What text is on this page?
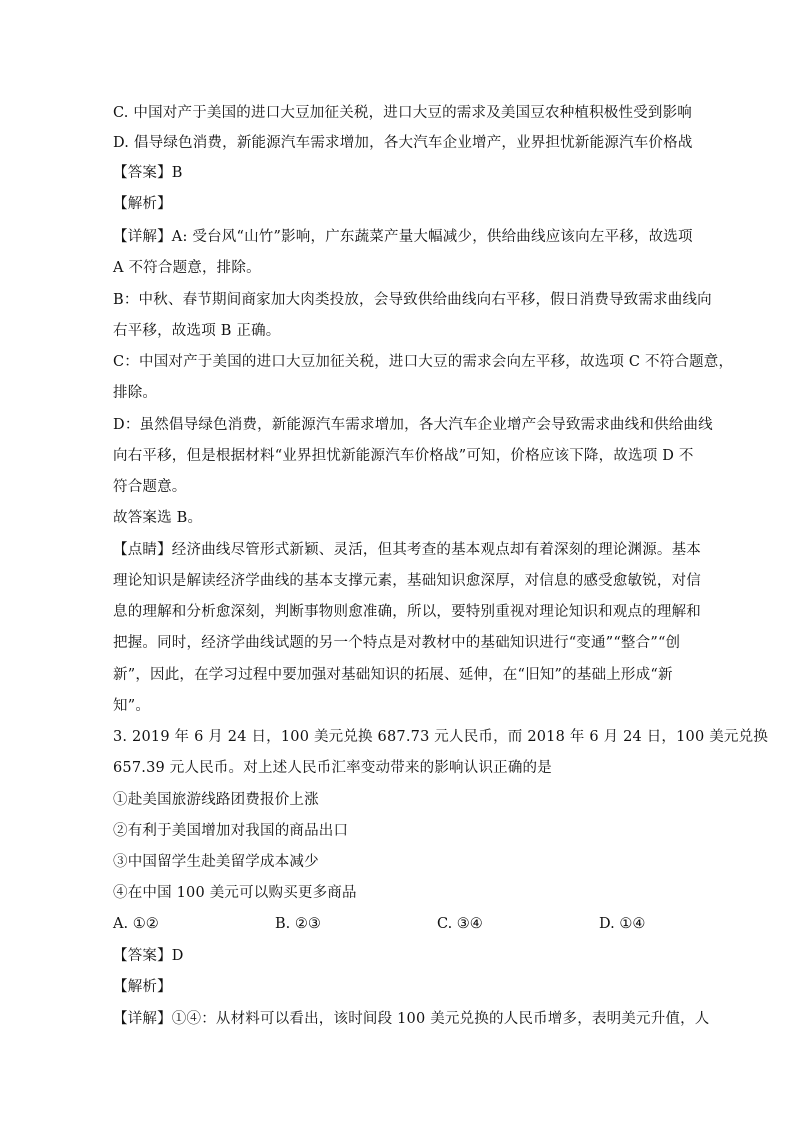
C. 中国对产于美国的进口大豆加征关税，进口大豆的需求及美国豆农种植积极性受到影响
D. 倡导绿色消费，新能源汽车需求增加，各大汽车企业增产，业界担忧新能源汽车价格战
【答案】B
【解析】
【详解】A: 受台风“山竹”影响，广东蔬菜产量大幅减少，供给曲线应该向左平移，故选项
A 不符合题意，排除。
B：中秋、春节期间商家加大肉类投放，会导致供给曲线向右平移，假日消费导致需求曲线向
右平移，故选项 B 正确。
C：中国对产于美国的进口大豆加征关税，进口大豆的需求会向左平移，故选项 C 不符合题意，
排除。
D：虽然倡导绿色消费，新能源汽车需求增加，各大汽车企业增产会导致需求曲线和供给曲线
向右平移，但是根据材料“业界担忧新能源汽车价格战”可知，价格应该下降，故选项 D 不
符合题意。
故答案选 B。
【点睛】经济曲线尽管形式新颖、灵活，但其考查的基本观点却有着深刻的理论渊源。基本
理论知识是解读经济学曲线的基本支撑元素，基础知识愈深厚，对信息的感受愈敏锐，对信
息的理解和分析愈深刻，判断事物则愈准确，所以，要特别重视对理论知识和观点的理解和
把握。同时，经济学曲线试题的另一个特点是对教材中的基础知识进行“变通”“整合”“创
新”，因此，在学习过程中要加强对基础知识的拓展、延伸，在“旧知”的基础上形成“新
知”。
3. 2019 年 6 月 24 日，100 美元兑换 687.73 元人民币，而 2018 年 6 月 24 日，100 美元兑换
657.39 元人民币。对上述人民币汇率变动带来的影响认识正确的是
①赴美国旅游线路团费报价上涨
②有利于美国增加对我国的商品出口
③中国留学生赴美留学成本减少
④在中国 100 美元可以购买更多商品
A. ①②	B. ②③	C. ③④	D. ①④
【答案】D
【解析】
【详解】①④：从材料可以看出，该时间段 100 美元兑换的人民币增多，表明美元升值，人
